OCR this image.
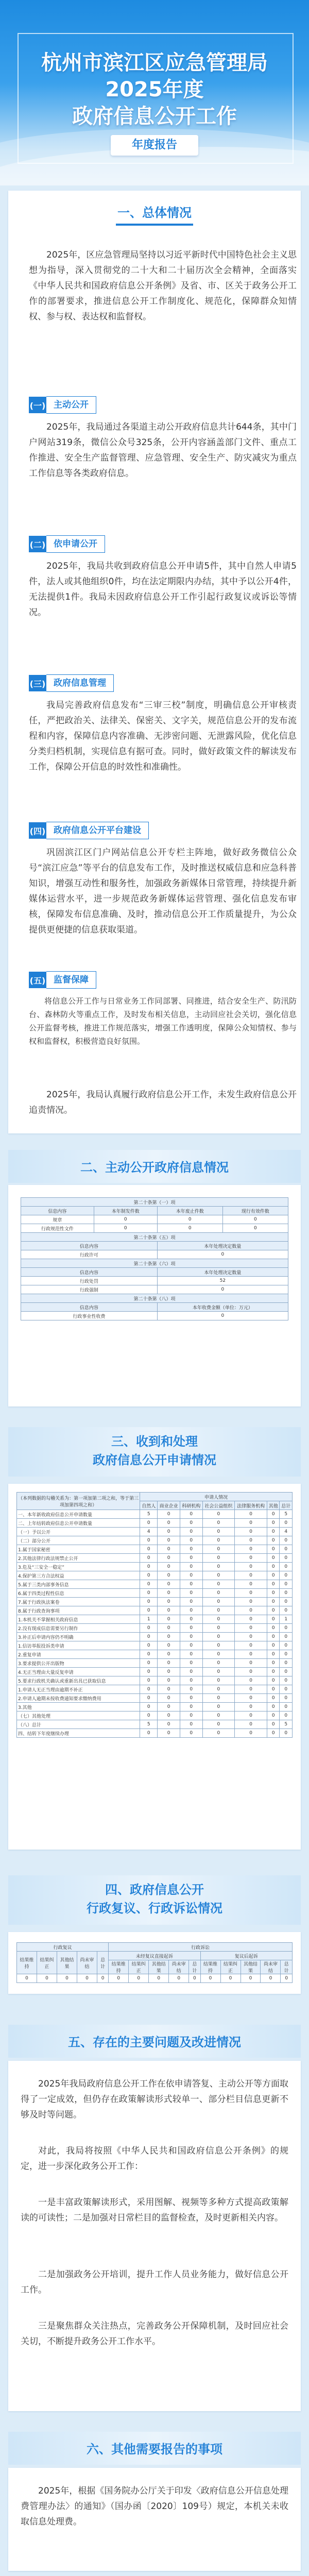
杭州市滨江区应急管理局
2025年度
政府信息公开工作
年度报告
一、总体情况

2025年，区应急管理局坚持以习近平新时代中国特色社会主义思想为指导，深入贯彻党的二十大和二十届历次全会精神，全面落实《中华人民共和国政府信息公开条例》及省、市、区关于政务公开工作的部署要求，推进信息公开工作制度化、规范化，保障群众知情权、参与权、表达权和监督权。

(一) 主动公开

2025年，我局通过各渠道主动公开政府信息共计644条，其中门户网站319条，微信公众号325条，公开内容涵盖部门文件、重点工作推进、安全生产监督管理、应急管理、安全生产、防灾减灾为重点工作信息等各类政府信息。

(二) 依申请公开

2025年，我局共收到政府信息公开申请5件，其中自然人申请5件，法人或其他组织0件，均在法定期限内办结，其中予以公开4件，无法提供1件。我局未因政府信息公开工作引起行政复议或诉讼等情况。

(三) 政府信息管理

我局完善政府信息发布“三审三校”制度，明确信息公开审核责任，严把政治关、法律关、保密关、文字关，规范信息公开的发布流程和内容，保障信息内容准确、无涉密问题、无泄露风险，优化信息分类归档机制，实现信息有据可查。同时，做好政策文件的解读发布工作，保障公开信息的时效性和准确性。

(四) 政府信息公开平台建设

巩固滨江区门户网站信息公开专栏主阵地，做好政务微信公众号“滨江应急”等平台的信息发布工作，及时推送权威信息和应急科普知识，增强互动性和服务性，加强政务新媒体日常管理，持续提升新媒体运营水平，进一步规范政务新媒体运营管理、强化信息发布审核，保障发布信息准确、及时，推动信息公开工作质量提升，为公众提供更便捷的信息获取渠道。

(五) 监督保障

将信息公开工作与日常业务工作同部署、同推进，结合安全生产、防汛防台、森林防火等重点工作，及时发布相关信息，主动回应社会关切，强化信息公开监督考核，推进工作规范落实，增强工作透明度，保障公众知情权、参与权和监督权，积极营造良好氛围。

2025年，我局认真履行政府信息公开工作，未发生政府信息公开追责情况。

二、主动公开政府信息情况
第二十条第（一）项			
信息内容	本年制发件数	本年废止件数	现行有效件数
规章	0	0	0
行政规范性文件	0	0	0
第二十条第（五）项			
信息内容		本年处理决定数量	
行政许可		0	
第二十条第（六）项			
信息内容		本年处理决定数量	
行政处罚		52	
行政强制		0	
第二十条第（八）项			
信息内容		本年收费金额（单位：万元）	
行政事业性收费		0	
三、收到和处理
政府信息公开申请情况
（本列数据的勾稽关系为：第一项加第二项之和，等于第三项加第四项之和）	申请人情况						
	自然人	商业企业	科研机构	社会公益组织	法律服务机构	其他	总计
一、本年新收政府信息公开申请数量	5	0	0	0	0	0	5
二、上年结转政府信息公开申请数量	0	0	0	0	0	0	0
（一）予以公开	4	0	0	0	0	0	4
（二）部分公开	0	0	0	0	0	0	0
1.属于国家秘密	0	0	0	0	0	0	0
2.其他法律行政法规禁止公开	0	0	0	0	0	0	0
3.危及“三安全一稳定”	0	0	0	0	0	0	0
4.保护第三方合法权益	0	0	0	0	0	0	0
5.属于三类内部事务信息	0	0	0	0	0	0	0
6.属于四类过程性信息	0	0	0	0	0	0	0
7.属于行政执法案卷	0	0	0	0	0	0	0
8.属于行政查询事项	0	0	0	0	0	0	0
1.本机关不掌握相关政府信息	1	0	0	0	0	0	1
2.没有现成信息需要另行制作	0	0	0	0	0	0	0
3.补正后申请内容仍不明确	0	0	0	0	0	0	0
1.信访举报投诉类申请	0	0	0	0	0	0	0
2.重复申请	0	0	0	0	0	0	0
3.要求提供公开出版物	0	0	0	0	0	0	0
4.无正当理由大量反复申请	0	0	0	0	0	0	0
5.要求行政机关确认或重新出具已获取信息	0	0	0	0	0	0	0
1.申请人无正当理由逾期不补正	0	0	0	0	0	0	0
2.申请人逾期未按收费通知要求缴纳费用	0	0	0	0	0	0	0
3.其他	0	0	0	0	0	0	0
（七）其他处理	0	0	0	0	0	0	0
（八）总计	5	0	0	0	0	0	5
四、结转下年度继续办理	0	0	0	0	0	0	0
四、政府信息公开
行政复议、行政诉讼情况
行政复议					行政诉讼									
结果维持	结果纠正	其他结果	尚未审结	总计	未经复议直接起诉					复议后起诉				
					结果维持	结果纠正	其他结果	尚未审结	总计	结果维持	结果纠正	其他结果	尚未审结	总计
0	0	0	0	0	0	0	0	0	0	0	0	0	0	0
五、存在的主要问题及改进情况

2025年我局政府信息公开工作在依申请答复、主动公开等方面取得了一定成效，但仍存在政策解读形式较单一、部分栏目信息更新不够及时等问题。

对此，我局将按照《中华人民共和国政府信息公开条例》的规定，进一步深化政务公开工作：

一是丰富政策解读形式，采用图解、视频等多种方式提高政策解读的可读性；二是加强对日常栏目的监督检查，及时更新相关内容。

二是加强政务公开培训，提升工作人员业务能力，做好信息公开工作。

三是聚焦群众关注热点，完善政务公开保障机制，及时回应社会关切，不断提升政务公开工作水平。

六、其他需要报告的事项

2025年，根据《国务院办公厅关于印发〈政府信息公开信息处理费管理办法〉的通知》（国办函〔2020〕109号）规定，本机关未收取信息处理费。
